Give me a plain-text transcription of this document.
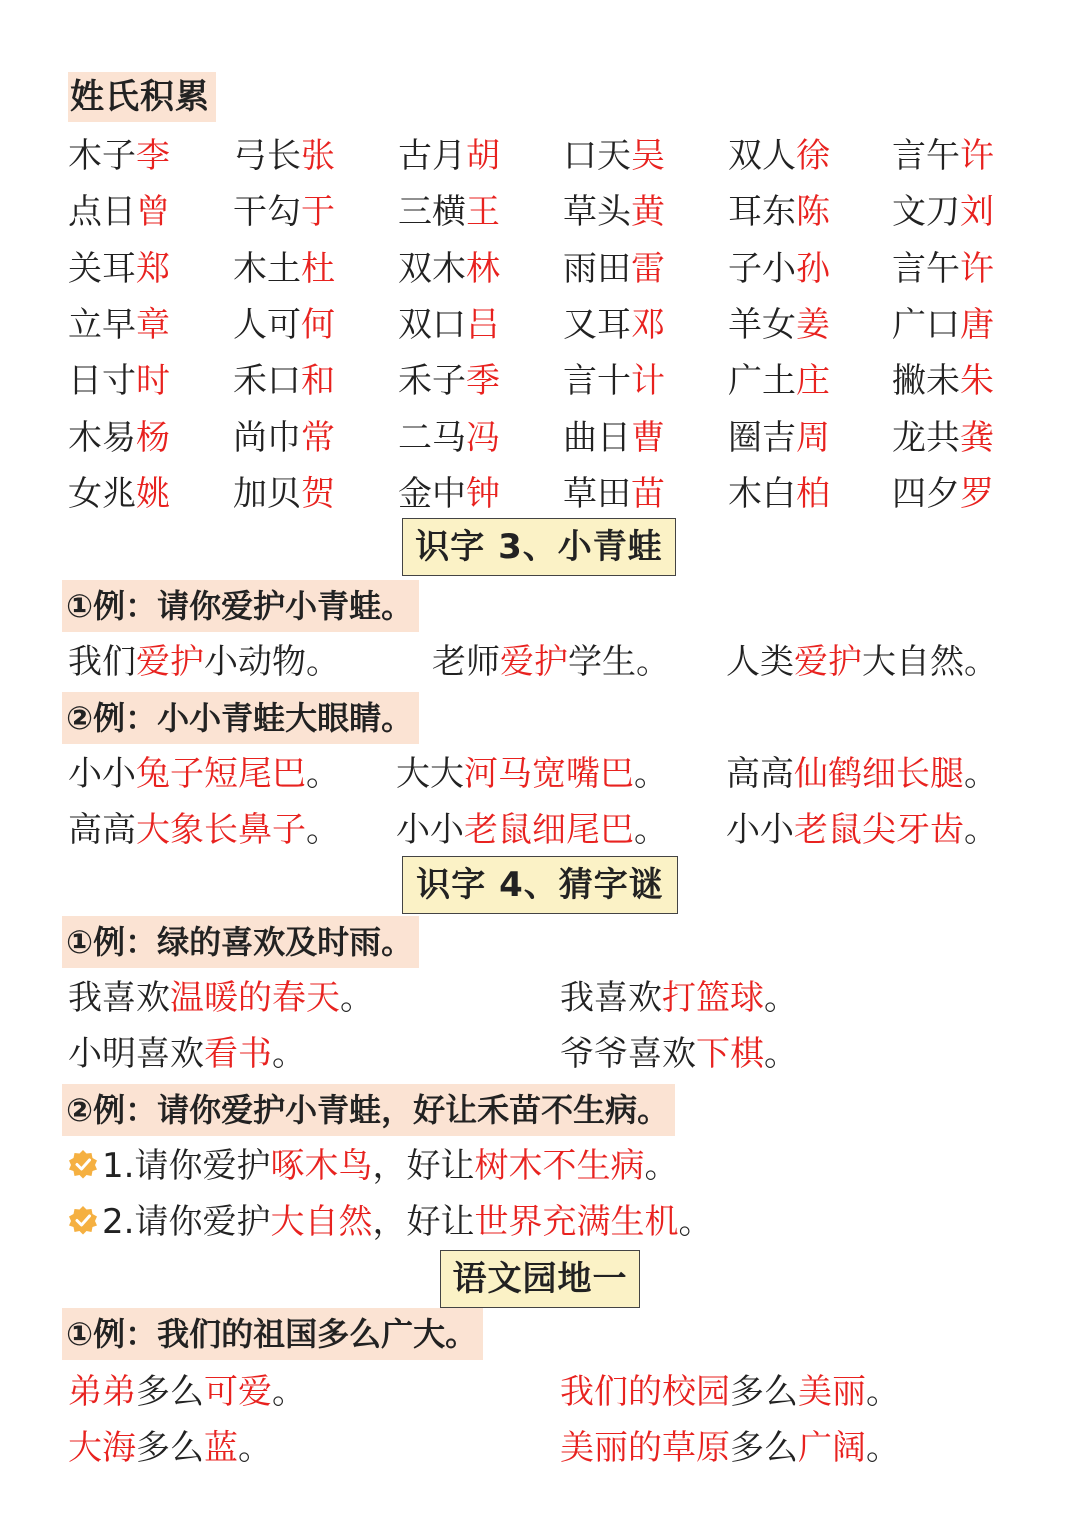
姓氏积累
木子李 弓长张 古月胡 口天吴 双人徐 言午许
点日曾 干勾于 三横王 草头黄 耳东陈 文刀刘
关耳郑 木土杜 双木林 雨田雷 子小孙 言午许
立早章 人可何 双口吕 又耳邓 羊女姜 广口唐
日寸时 禾口和 禾子季 言十计 广土庄 撇未朱
木易杨 尚巾常 二马冯 曲日曹 圈吉周 龙共龚
女兆姚 加贝贺 金中钟 草田苗 木白柏 四夕罗
识字 3、小青蛙
①例：请你爱护小青蛙。
我们爱护小动物。	老师爱护学生。 人类爱护大自然。
②例：小小青蛙大眼睛。
小小兔子短尾巴。 大大河马宽嘴巴。 高高仙鹤细长腿。
高高大象长鼻子。 小小老鼠细尾巴。 小小老鼠尖牙齿。
识字 4、猜字谜
①例：绿的喜欢及时雨。
我喜欢温暖的春天。	我喜欢打篮球。
小明喜欢看书。	爷爷喜欢下棋。
②例：请你爱护小青蛙，好让禾苗不生病。
1.请你爱护啄木鸟，好让树木不生病。
2.请你爱护大自然，好让世界充满生机。
语文园地一
①例：我们的祖国多么广大。
弟弟多么可爱。	我们的校园多么美丽。
大海多么蓝。	美丽的草原多么广阔。
